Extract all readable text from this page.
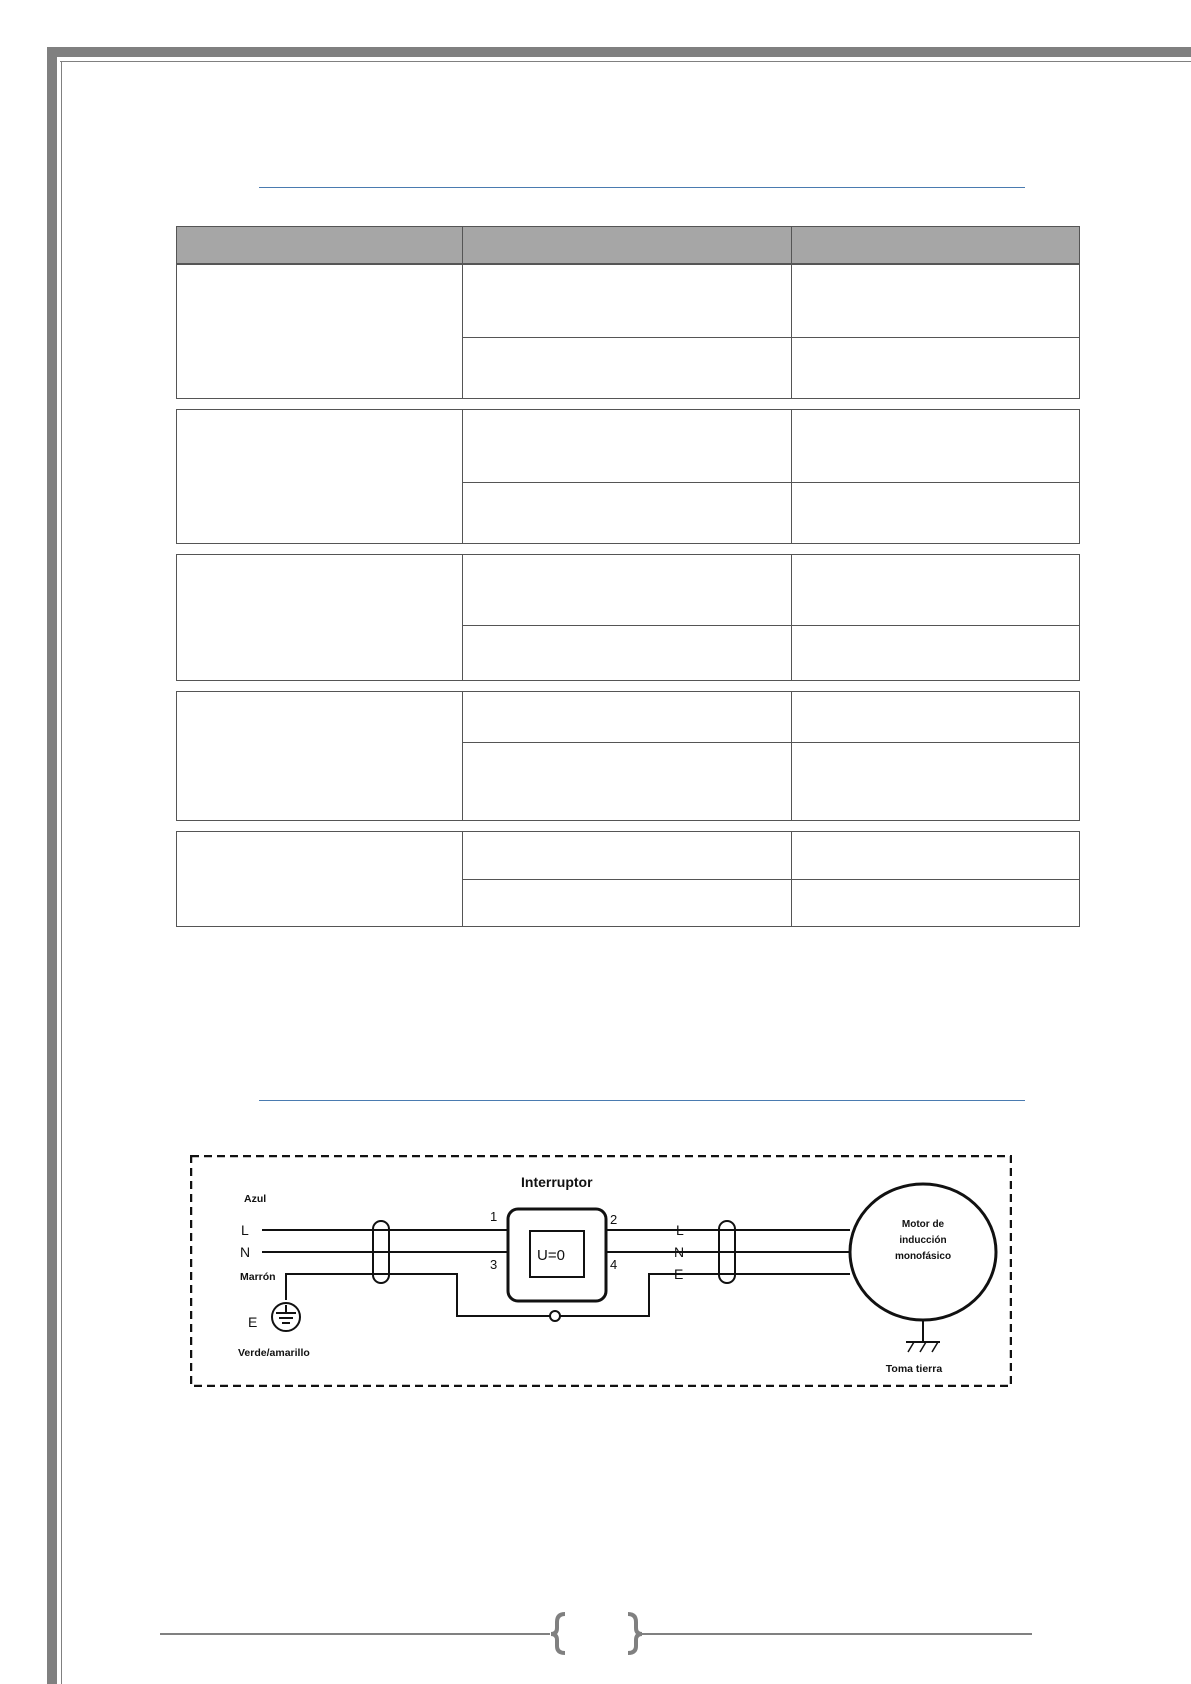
Interruptor
U=0
Azul
L
N
Marrón
E
Verde/amarillo
1	2
3	4
L
N
E
Motor de
inducción
monofásico
Toma tierra
